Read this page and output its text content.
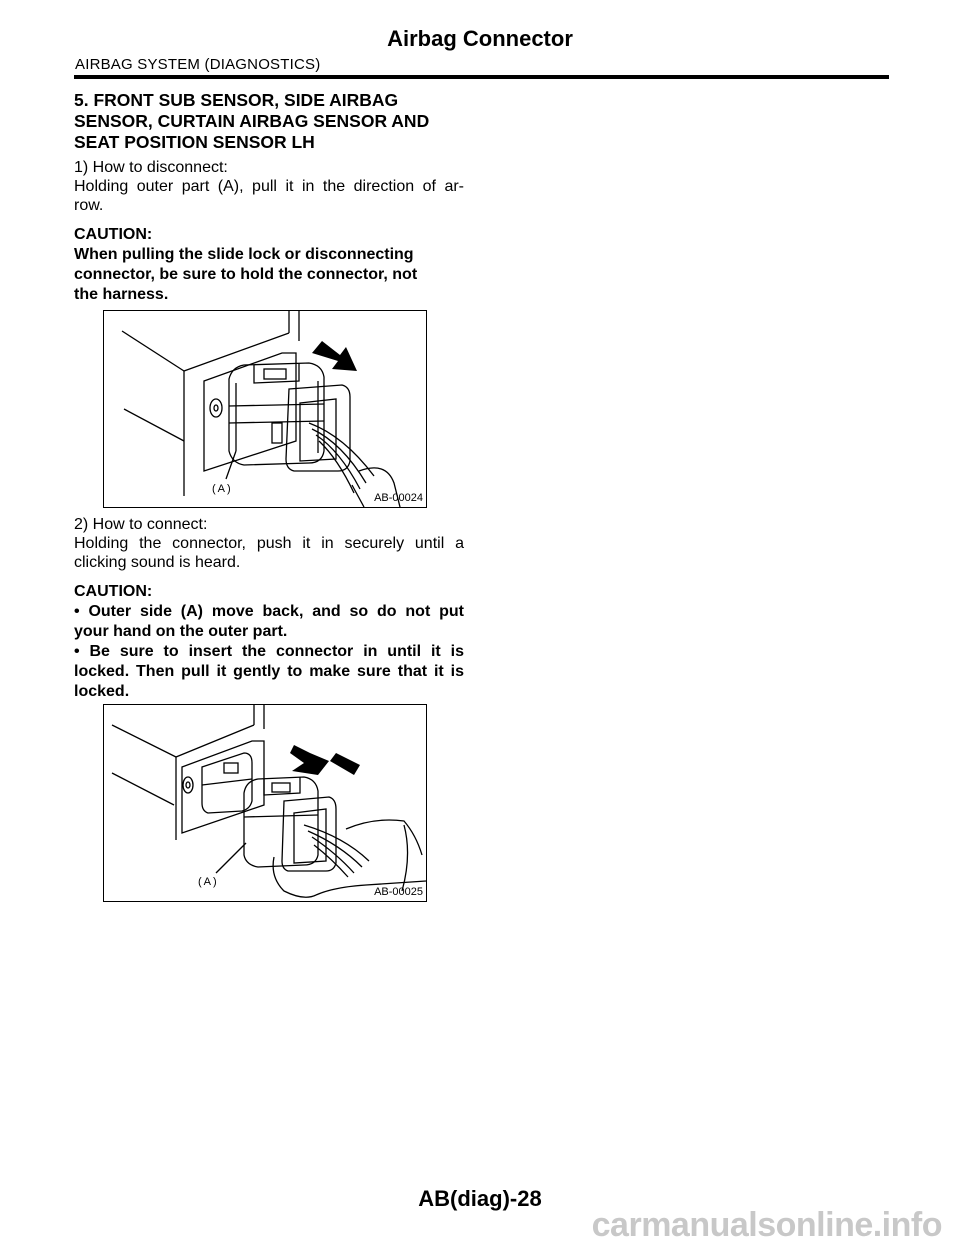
Airbag Connector
AIRBAG SYSTEM (DIAGNOSTICS)
5. FRONT SUB SENSOR, SIDE AIRBAG
SENSOR, CURTAIN AIRBAG SENSOR AND
SEAT POSITION SENSOR LH
1) How to disconnect:
Holding outer part (A), pull it in the direction of ar-
row.
CAUTION:
When pulling the slide lock or disconnecting
connector, be sure to hold the connector, not
the harness.
(A)
AB-00024
2) How to connect:
Holding the connector, push it in securely until a
clicking sound is heard.
CAUTION:
• Outer side (A) move back, and so do not put
your hand on the outer part.
• Be sure to insert the connector in until it is
locked. Then pull it gently to make sure that it is
locked.
(A)
AB-00025
AB(diag)-28
carmanualsonline.info
